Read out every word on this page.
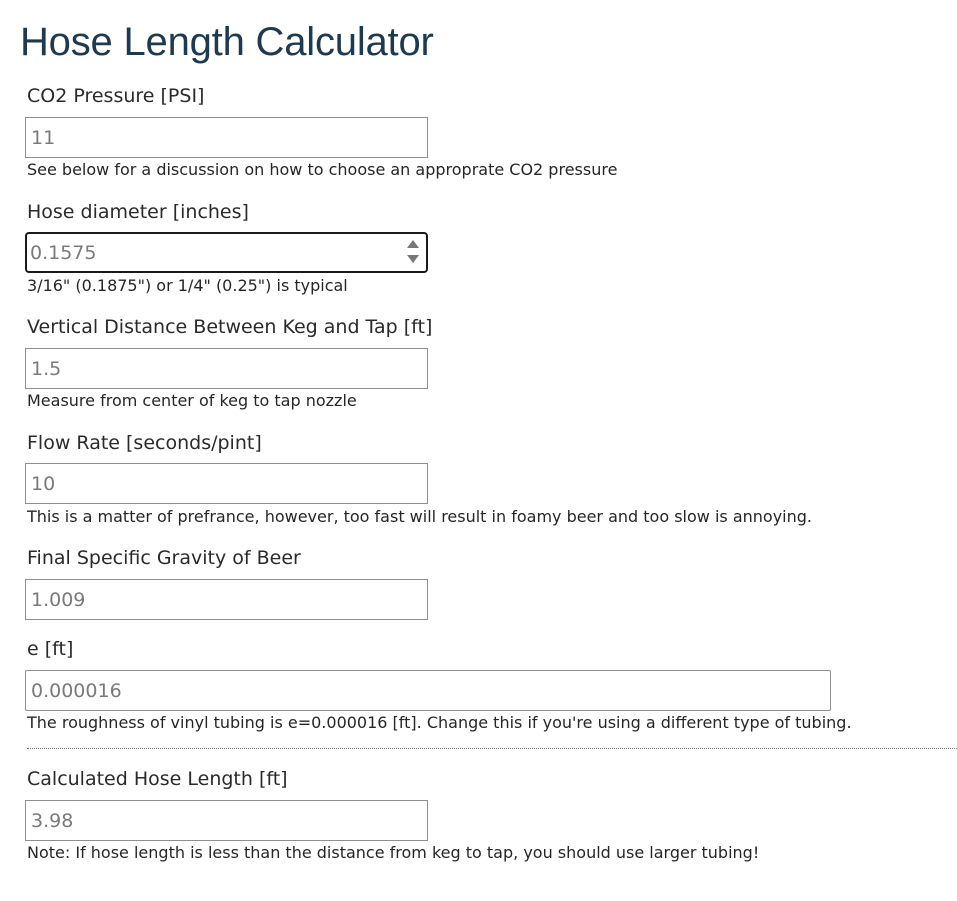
Hose Length Calculator
CO2 Pressure [PSI]
11
See below for a discussion on how to choose an approprate CO2 pressure
Hose diameter [inches]
0.1575
3/16" (0.1875") or 1/4" (0.25") is typical
Vertical Distance Between Keg and Tap [ft]
1.5
Measure from center of keg to tap nozzle
Flow Rate [seconds/pint]
10
This is a matter of prefrance, however, too fast will result in foamy beer and too slow is annoying.
Final Specific Gravity of Beer
1.009
e [ft]
0.000016
The roughness of vinyl tubing is e=0.000016 [ft]. Change this if you're using a different type of tubing.
Calculated Hose Length [ft]
3.98
Note: If hose length is less than the distance from keg to tap, you should use larger tubing!
